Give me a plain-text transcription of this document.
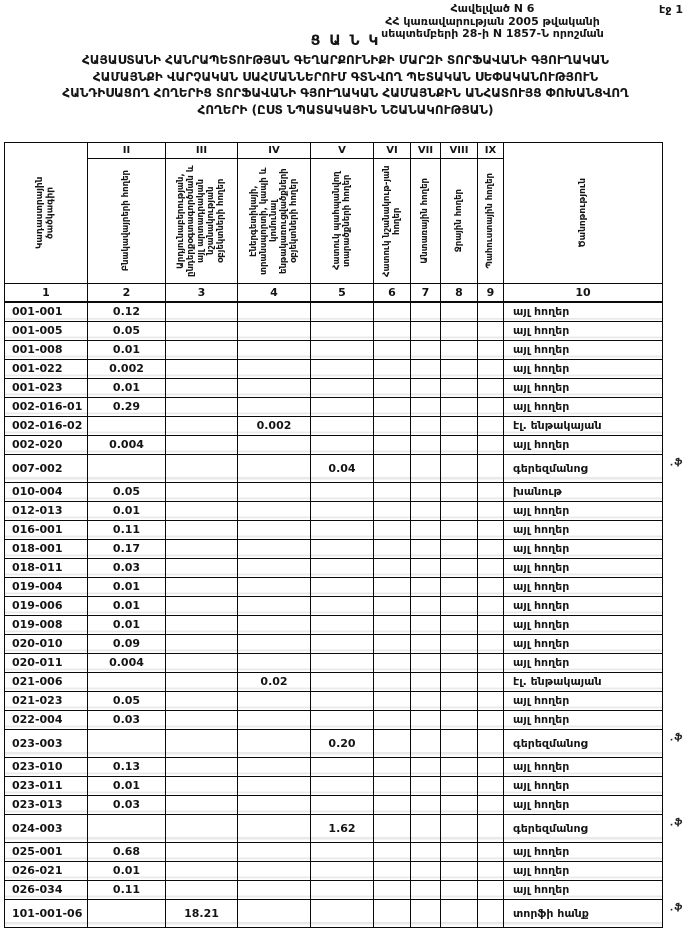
Հավելված N 6
ՀՀ կառավարության 2005 թվականի
սեպտեմբերի 28-ի N 1857-Ն որոշման
էջ 1
Ց Ա Ն Կ
ՀԱՅԱՍՏԱՆԻ ՀԱՆՐԱՊԵՏՈՒԹՅԱՆ ԳԵՂԱՐՔՈՒՆԻՔԻ ՄԱՐԶԻ ՏՈՐՖԱՎԱՆԻ ԳՅՈՒՂԱԿԱՆ
ՀԱՄԱՅՆՔԻ ՎԱՐՉԱԿԱՆ ՍԱՀՄԱՆՆԵՐՈՒՄ ԳՏՆՎՈՂ ՊԵՏԱԿԱՆ ՍԵՓԱԿԱՆՈՒԹՅՈՒՆ
ՀԱՆԴԻՍԱՑՈՂ ՀՈՂԵՐԻՑ ՏՈՐՖԱՎԱՆԻ ԳՅՈՒՂԱԿԱՆ ՀԱՄԱՅՆՔԻՆ ԱՆՀԱՏՈՒՅՑ ՓՈԽԱՆՑՎՈՂ
ՀՈՂԵՐԻ (ԸՍՏ ՆՊԱՏԱԿԱՅԻՆ ՆՇԱՆԱԿՈՒԹՅԱՆ)
Կադաստրային ծածկագիր	II	III	IV	V	VI	VII	VIII	IX	Ծանոթություն

	Բնակավայրերի հողեր	Արդյունաբերության, ընդերքօգտագործման և այլ արտադրական նշանակության օբյեկտների հողեր	Էներգետիկայի, տրանսպորտի, կապի և կոմունալ ենթակառուցվածքների օբյեկտների հողեր	Հատուկ պահպանվող տարածքների հողեր	Հատուկ նշանակութ-յան հողեր	Անտառային հողեր	Ջրային հողեր	Պահուստային հողեր	

1	2	3	4	5	6	7	8	9	10
001-001	0.12								այլ հողեր
001-005	0.05								այլ հողեր
001-008	0.01								այլ հողեր
001-022	0.002								այլ հողեր
001-023	0.01								այլ հողեր
002-016-01	0.29								այլ հողեր
002-016-02			0.002						էլ. ենթակայան
002-020	0.004								այլ հողեր
007-002				0.04					գերեզմանոց . ֆ

010-004	0.05								խանութ
012-013	0.01								այլ հողեր
016-001	0.11								այլ հողեր
018-001	0.17								այլ հողեր
018-011	0.03								այլ հողեր
019-004	0.01								այլ հողեր
019-006	0.01								այլ հողեր
019-008	0.01								այլ հողեր
020-010	0.09								այլ հողեր
020-011	0.004								այլ հողեր
021-006			0.02						էլ. ենթակայան
021-023	0.05								այլ հողեր
022-004	0.03								այլ հողեր
023-003				0.20					գերեզմանոց . ֆ

023-010	0.13								այլ հողեր
023-011	0.01								այլ հողեր
023-013	0.03								այլ հողեր
024-003				1.62					գերեզմանոց . ֆ

025-001	0.68								այլ հողեր
026-021	0.01								այլ հողեր
026-034	0.11								այլ հողեր
101-001-06		18.21							տորֆի հանք . ֆ
